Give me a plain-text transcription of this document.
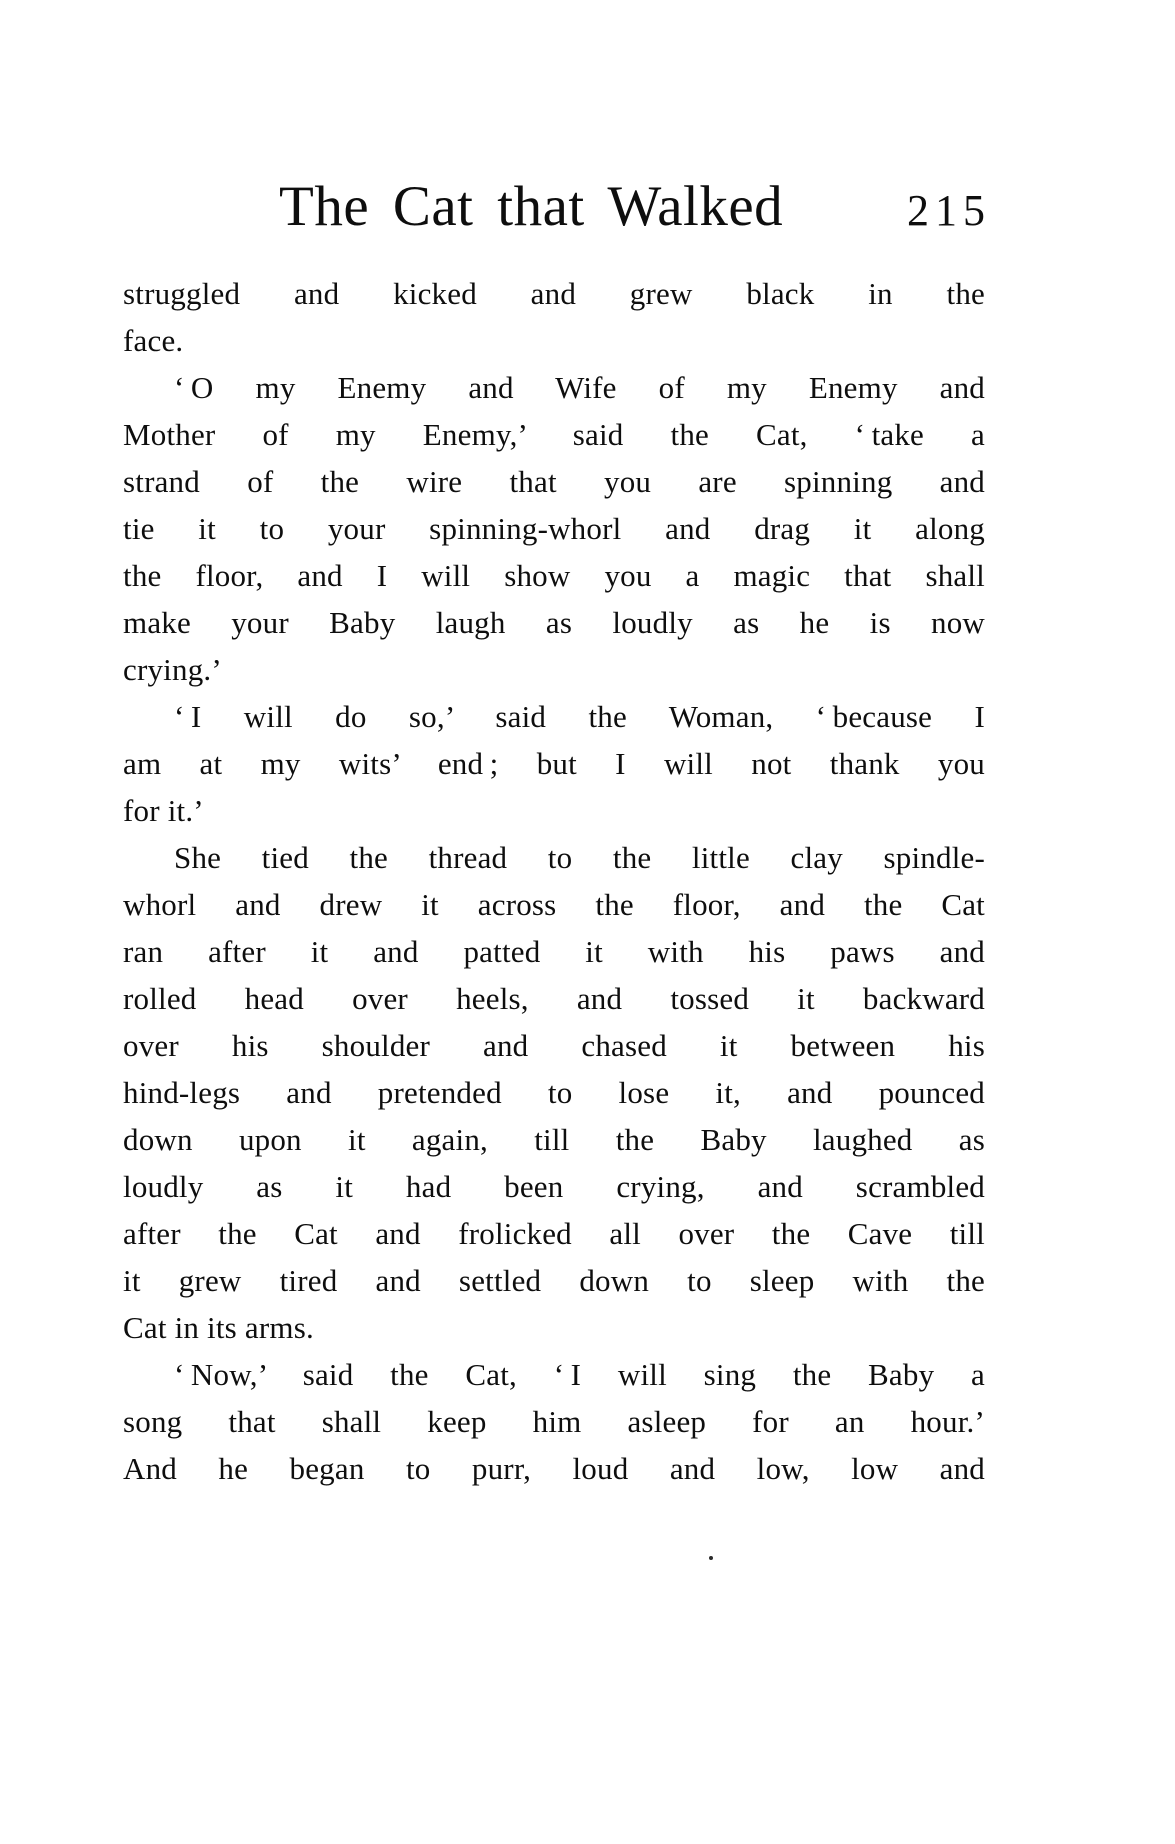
The Cat that Walked	215
struggled and kicked and grew black in the
face.
‘ O my Enemy and Wife of my Enemy and
Mother of my Enemy,’ said the Cat, ‘ take a
strand of the wire that you are spinning and
tie it to your spinning-whorl and drag it along
the floor, and I will show you a magic that shall
make your Baby laugh as loudly as he is now
crying.’
‘ I will do so,’ said the Woman, ‘ because I
am at my wits’ end ; but I will not thank you
for it.’
She tied the thread to the little clay spindle-
whorl and drew it across the floor, and the Cat
ran after it and patted it with his paws and
rolled head over heels, and tossed it backward
over his shoulder and chased it between his
hind-legs and pretended to lose it, and pounced
down upon it again, till the Baby laughed as
loudly as it had been crying, and scrambled
after the Cat and frolicked all over the Cave till
it grew tired and settled down to sleep with the
Cat in its arms.
‘ Now,’ said the Cat, ‘ I will sing the Baby a
song that shall keep him asleep for an hour.’
And he began to purr, loud and low, low and
